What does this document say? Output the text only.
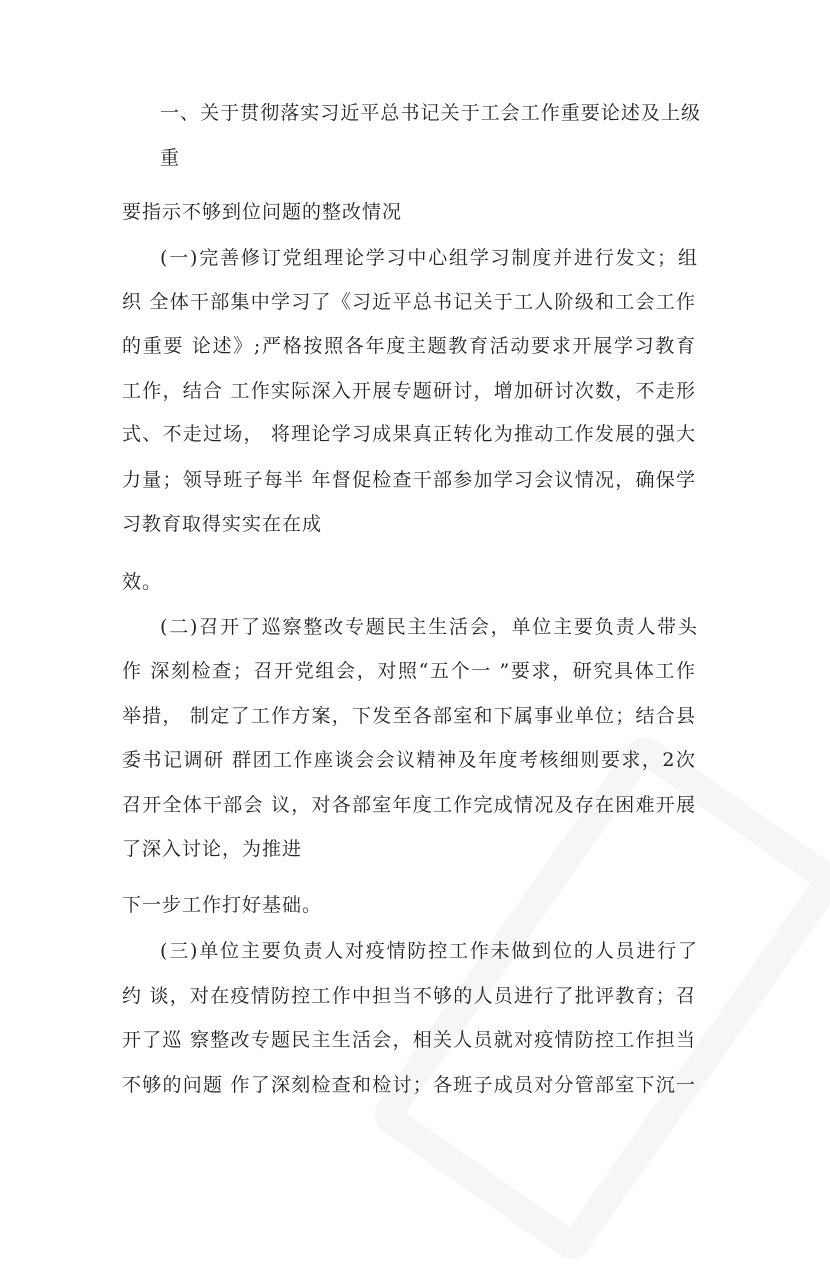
一、关于贯彻落实习近平总书记关于工会工作重要论述及上级
重
要指示不够到位问题的整改情况
(一)完善修订党组理论学习中心组学习制度并进行发文；组
织 全体干部集中学习了《习近平总书记关于工人阶级和工会工作
的重要 论述》;严格按照各年度主题教育活动要求开展学习教育
工作，结合 工作实际深入开展专题研讨，增加研讨次数，不走形
式、不走过场， 将理论学习成果真正转化为推动工作发展的强大
力量；领导班子每半 年督促检查干部参加学习会议情况，确保学
习教育取得实实在在成
效。
(二)召开了巡察整改专题民主生活会，单位主要负责人带头
作 深刻检查；召开党组会，对照“五个一 ”要求，研究具体工作
举措， 制定了工作方案，下发至各部室和下属事业单位；结合县
委书记调研 群团工作座谈会会议精神及年度考核细则要求，2次
召开全体干部会 议，对各部室年度工作完成情况及存在困难开展
了深入讨论，为推进
下一步工作打好基础。
(三)单位主要负责人对疫情防控工作未做到位的人员进行了
约 谈，对在疫情防控工作中担当不够的人员进行了批评教育；召
开了巡 察整改专题民主生活会，相关人员就对疫情防控工作担当
不够的问题 作了深刻检查和检讨；各班子成员对分管部室下沉一
